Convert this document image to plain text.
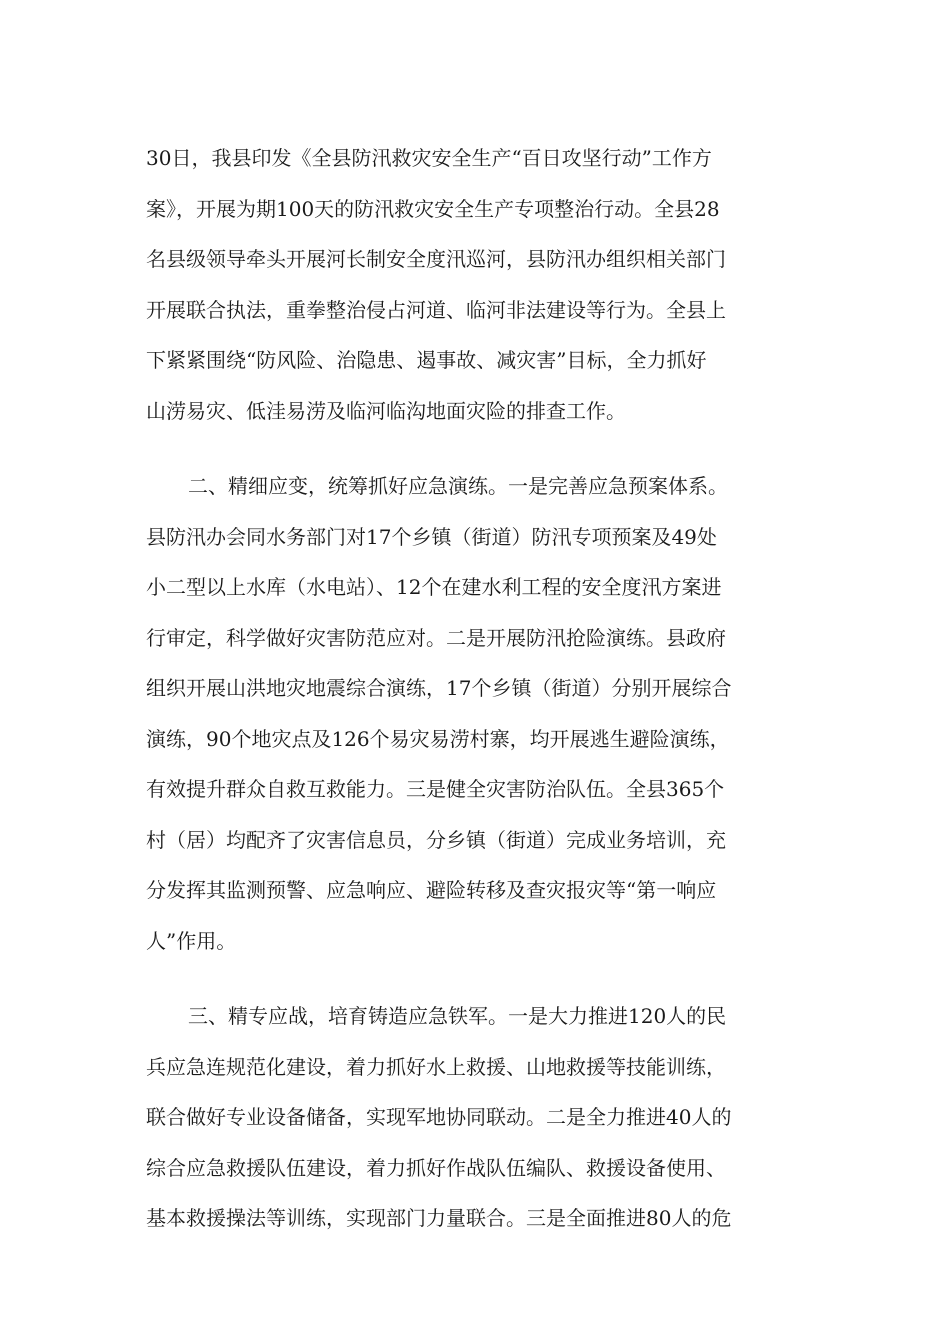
30日，我县印发《全县防汛救灾安全生产“百日攻坚行动”工作方
案》，开展为期100天的防汛救灾安全生产专项整治行动。全县28
名县级领导牵头开展河长制安全度汛巡河，县防汛办组织相关部门
开展联合执法，重拳整治侵占河道、临河非法建设等行为。全县上
下紧紧围绕“防风险、治隐患、遏事故、减灾害”目标，全力抓好
山涝易灾、低洼易涝及临河临沟地面灾险的排查工作。
二、精细应变，统筹抓好应急演练。一是完善应急预案体系。
县防汛办会同水务部门对17个乡镇（街道）防汛专项预案及49处
小二型以上水库（水电站）、12个在建水利工程的安全度汛方案进
行审定，科学做好灾害防范应对。二是开展防汛抢险演练。县政府
组织开展山洪地灾地震综合演练，17个乡镇（街道）分别开展综合
演练，90个地灾点及126个易灾易涝村寨，均开展逃生避险演练，
有效提升群众自救互救能力。三是健全灾害防治队伍。全县365个
村（居）均配齐了灾害信息员，分乡镇（街道）完成业务培训，充
分发挥其监测预警、应急响应、避险转移及查灾报灾等“第一响应
人”作用。
三、精专应战，培育铸造应急铁军。一是大力推进120人的民
兵应急连规范化建设，着力抓好水上救援、山地救援等技能训练，
联合做好专业设备储备，实现军地协同联动。二是全力推进40人的
综合应急救援队伍建设，着力抓好作战队伍编队、救援设备使用、
基本救援操法等训练，实现部门力量联合。三是全面推进80人的危
